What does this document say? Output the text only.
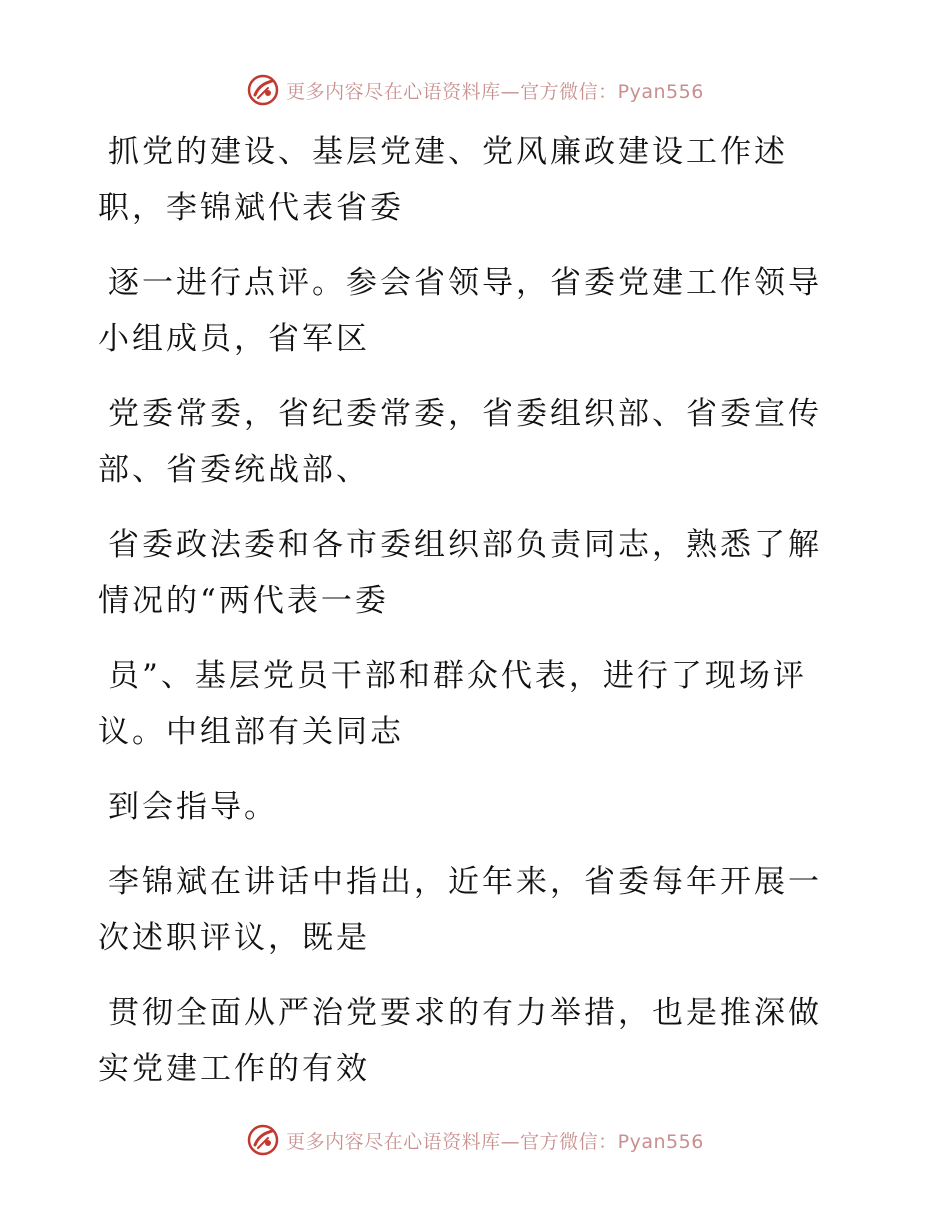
更多内容尽在心语资料库—官方微信：Pyan556
抓党的建设、基层党建、党风廉政建设工作述
职，李锦斌代表省委
逐一进行点评。参会省领导，省委党建工作领导
小组成员，省军区
党委常委，省纪委常委，省委组织部、省委宣传
部、省委统战部、
省委政法委和各市委组织部负责同志，熟悉了解
情况的“两代表一委
员”、基层党员干部和群众代表，进行了现场评
议。中组部有关同志
到会指导。
李锦斌在讲话中指出，近年来，省委每年开展一
次述职评议，既是
贯彻全面从严治党要求的有力举措，也是推深做
实党建工作的有效
更多内容尽在心语资料库—官方微信：Pyan556
